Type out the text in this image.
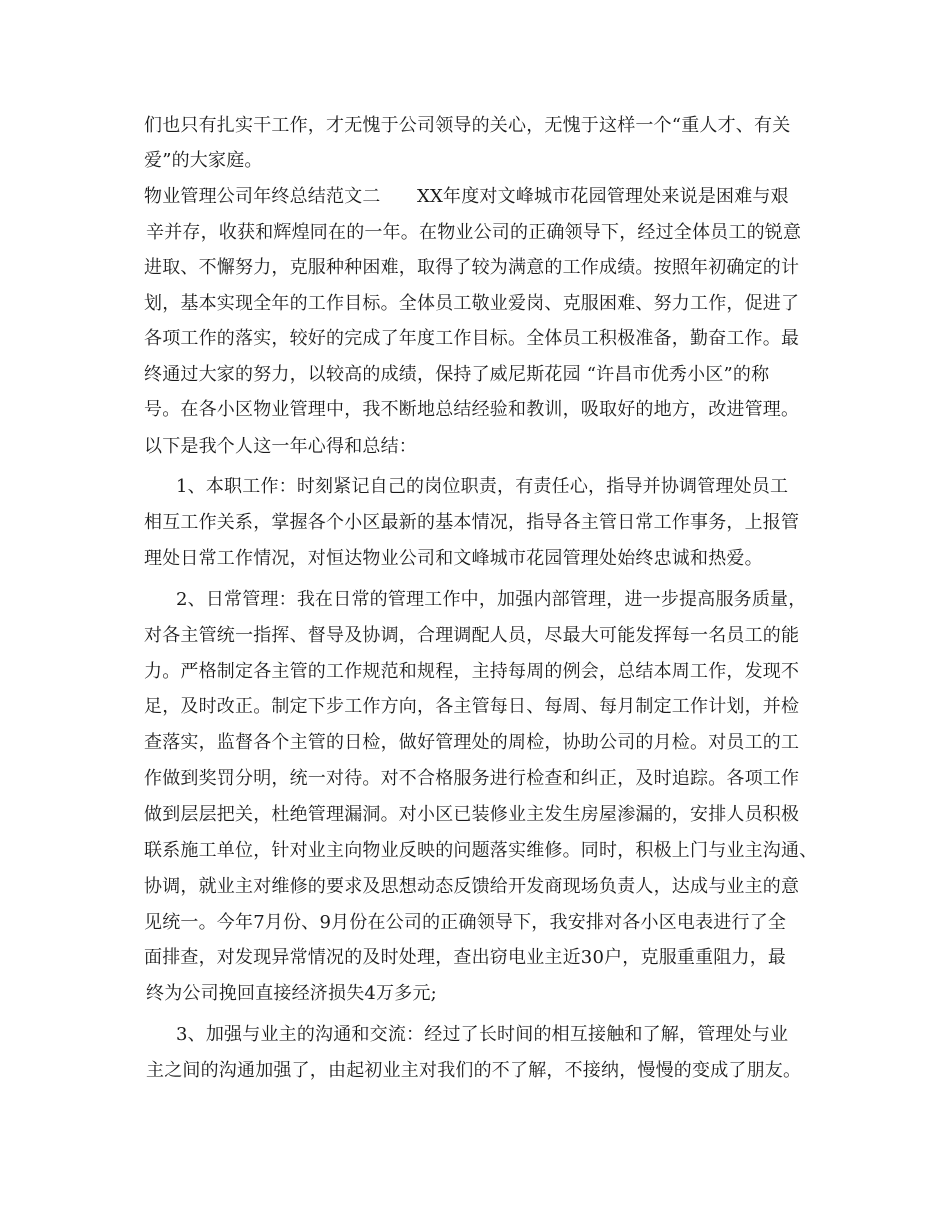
们也只有扎实干工作，才无愧于公司领导的关心，无愧于这样一个“重人才、有关
爱”的大家庭。
物业管理公司年终总结范文二　　XX年度对文峰城市花园管理处来说是困难与艰
辛并存，收获和辉煌同在的一年。在物业公司的正确领导下，经过全体员工的锐意
进取、不懈努力，克服种种困难，取得了较为满意的工作成绩。按照年初确定的计
划，基本实现全年的工作目标。全体员工敬业爱岗、克服困难、努力工作，促进了
各项工作的落实，较好的完成了年度工作目标。全体员工积极准备，勤奋工作。最
终通过大家的努力，以较高的成绩，保持了威尼斯花园 “许昌市优秀小区”的称
号。在各小区物业管理中，我不断地总结经验和教训，吸取好的地方，改进管理。
以下是我个人这一年心得和总结：
1、本职工作：时刻紧记自己的岗位职责，有责任心，指导并协调管理处员工
相互工作关系，掌握各个小区最新的基本情况，指导各主管日常工作事务，上报管
理处日常工作情况，对恒达物业公司和文峰城市花园管理处始终忠诚和热爱。
2、日常管理：我在日常的管理工作中，加强内部管理，进一步提高服务质量，
对各主管统一指挥、督导及协调，合理调配人员，尽最大可能发挥每一名员工的能
力。严格制定各主管的工作规范和规程，主持每周的例会，总结本周工作，发现不
足，及时改正。制定下步工作方向，各主管每日、每周、每月制定工作计划，并检
查落实，监督各个主管的日检，做好管理处的周检，协助公司的月检。对员工的工
作做到奖罚分明，统一对待。对不合格服务进行检查和纠正，及时追踪。各项工作
做到层层把关，杜绝管理漏洞。对小区已装修业主发生房屋渗漏的，安排人员积极
联系施工单位，针对业主向物业反映的问题落实维修。同时，积极上门与业主沟通、
协调，就业主对维修的要求及思想动态反馈给开发商现场负责人，达成与业主的意
见统一。今年7月份、9月份在公司的正确领导下，我安排对各小区电表进行了全
面排查，对发现异常情况的及时处理，查出窃电业主近30户，克服重重阻力，最
终为公司挽回直接经济损失4万多元;
3、加强与业主的沟通和交流：经过了长时间的相互接触和了解，管理处与业
主之间的沟通加强了，由起初业主对我们的不了解，不接纳，慢慢的变成了朋友。
